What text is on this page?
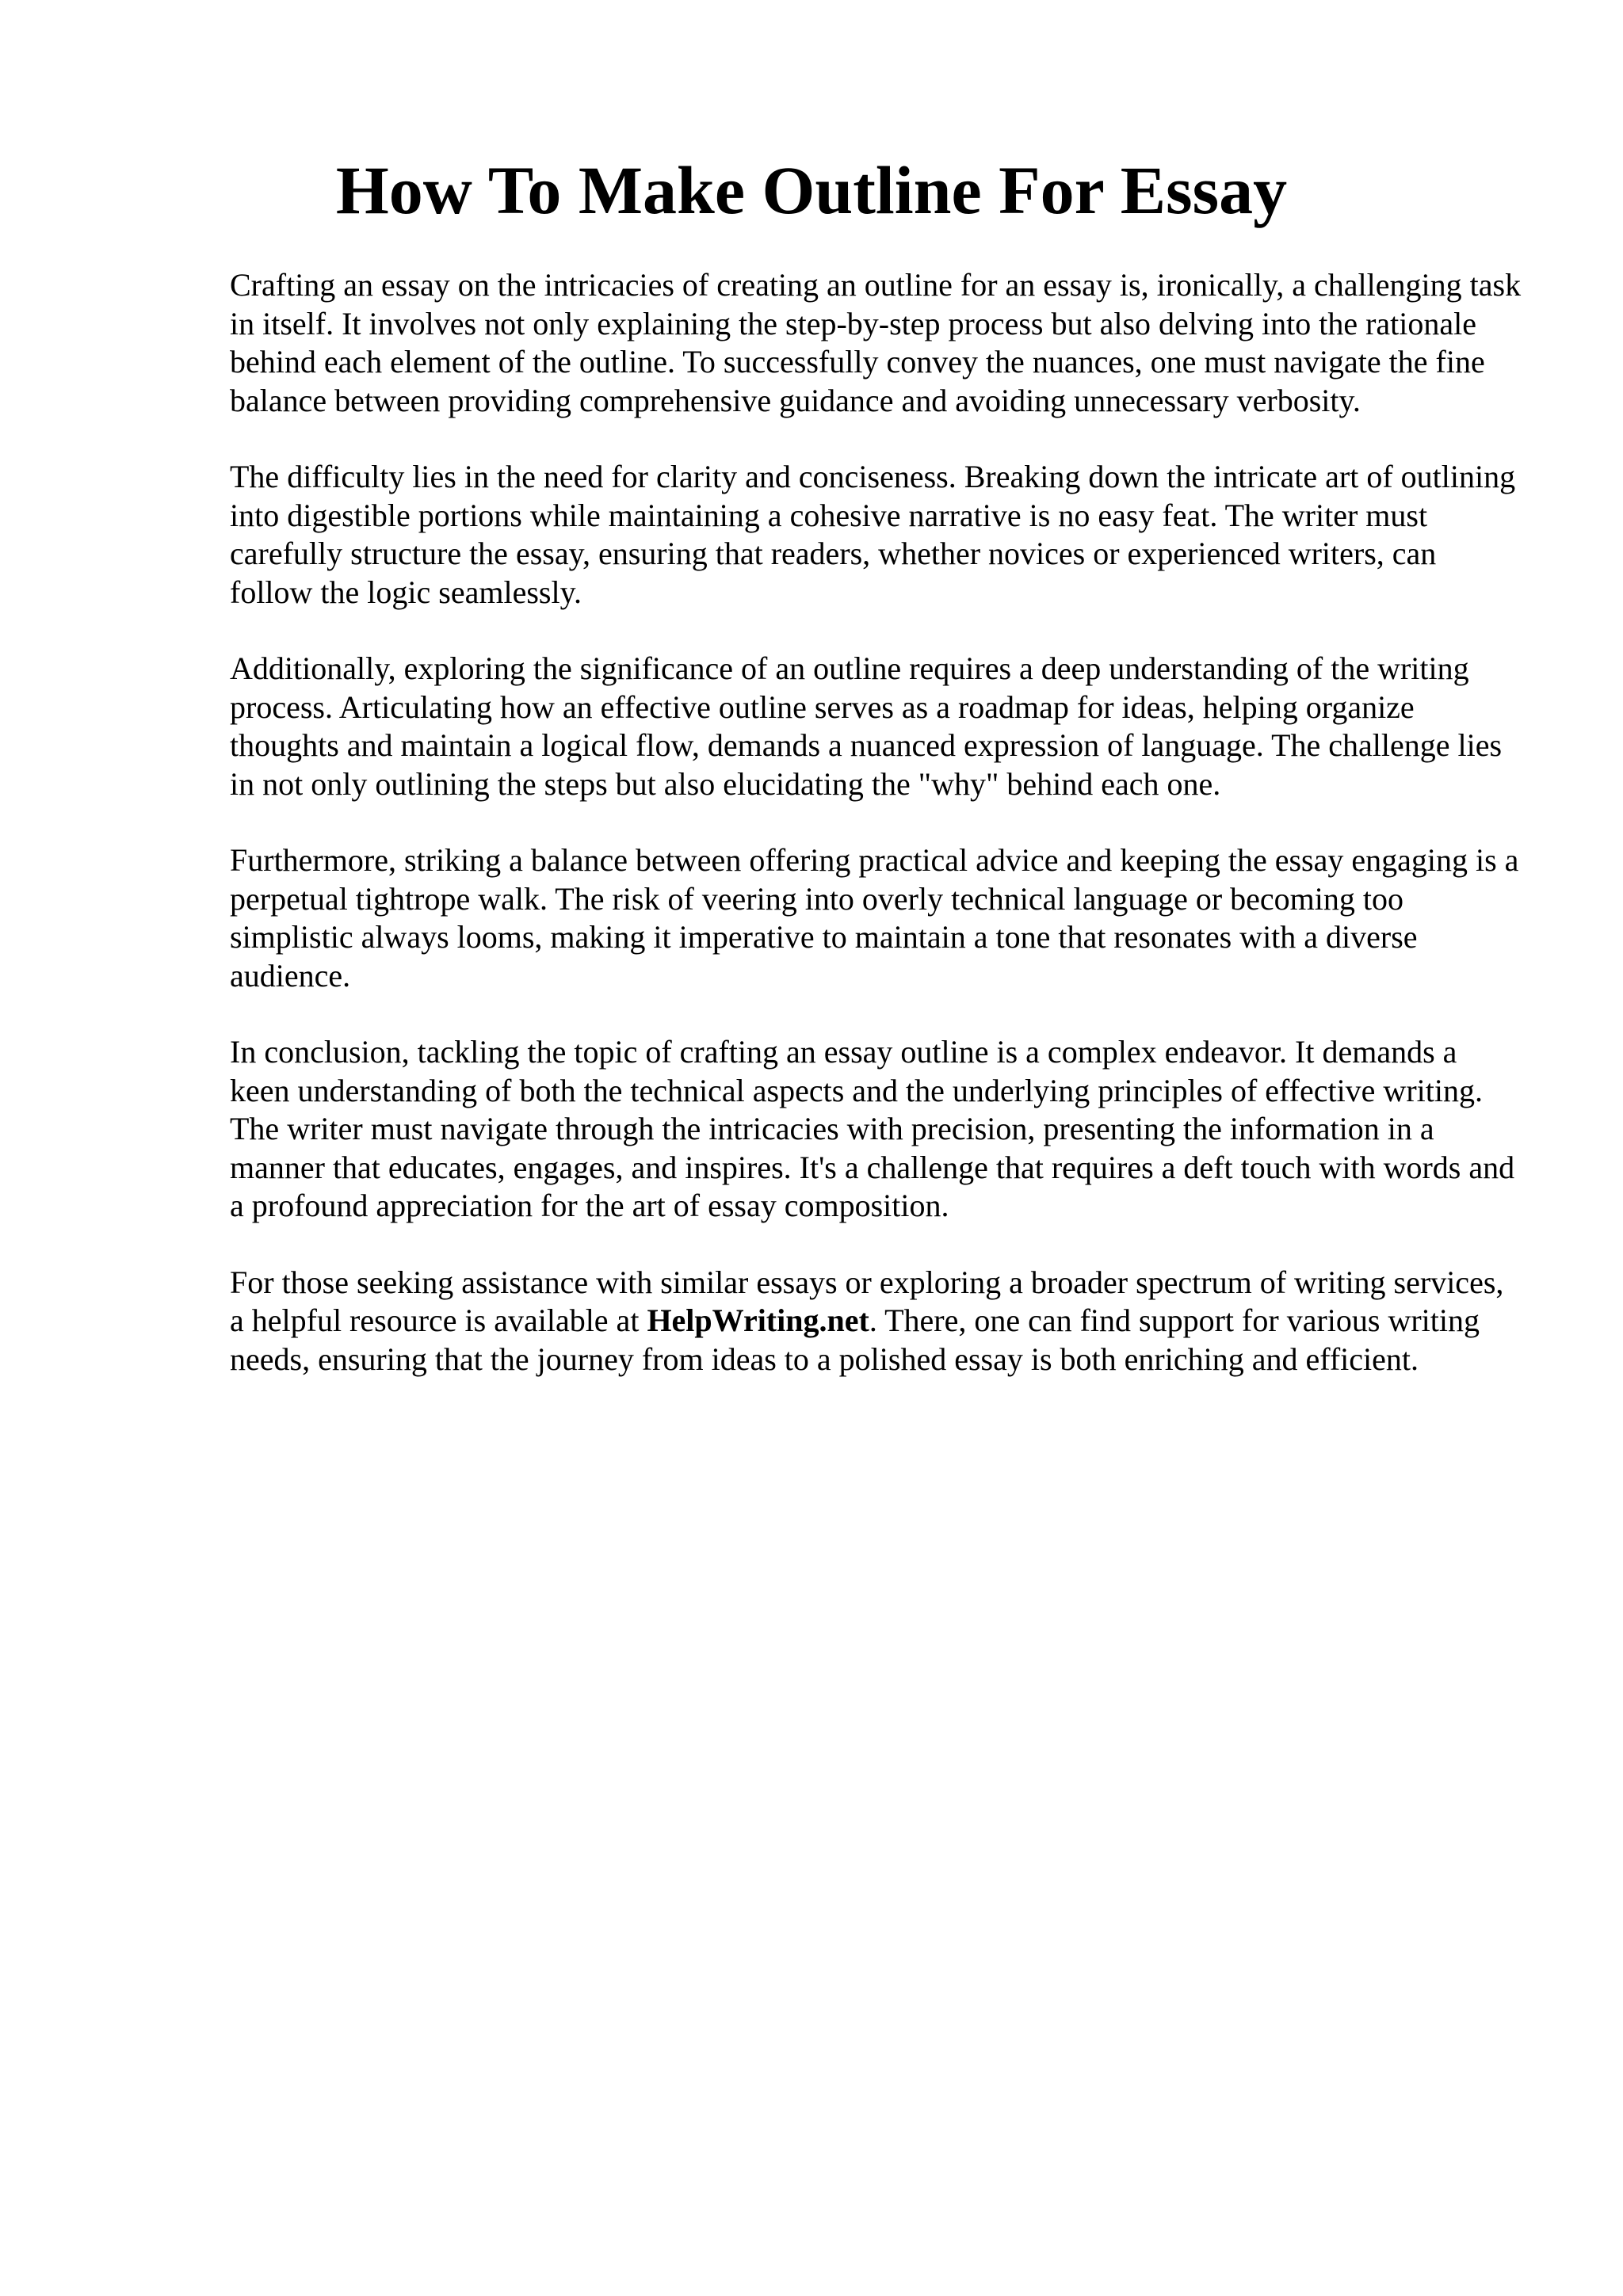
How To Make Outline For Essay

Crafting an essay on the intricacies of creating an outline for an essay is, ironically, a challenging task in itself. It involves not only explaining the step-by-step process but also delving into the rationale behind each element of the outline. To successfully convey the nuances, one must navigate the fine balance between providing comprehensive guidance and avoiding unnecessary verbosity.

The difficulty lies in the need for clarity and conciseness. Breaking down the intricate art of outlining into digestible portions while maintaining a cohesive narrative is no easy feat. The writer must carefully structure the essay, ensuring that readers, whether novices or experienced writers, can follow the logic seamlessly.

Additionally, exploring the significance of an outline requires a deep understanding of the writing process. Articulating how an effective outline serves as a roadmap for ideas, helping organize thoughts and maintain a logical flow, demands a nuanced expression of language. The challenge lies in not only outlining the steps but also elucidating the "why" behind each one.

Furthermore, striking a balance between offering practical advice and keeping the essay engaging is a perpetual tightrope walk. The risk of veering into overly technical language or becoming too simplistic always looms, making it imperative to maintain a tone that resonates with a diverse audience.

In conclusion, tackling the topic of crafting an essay outline is a complex endeavor. It demands a keen understanding of both the technical aspects and the underlying principles of effective writing. The writer must navigate through the intricacies with precision, presenting the information in a manner that educates, engages, and inspires. It's a challenge that requires a deft touch with words and a profound appreciation for the art of essay composition.

For those seeking assistance with similar essays or exploring a broader spectrum of writing services, a helpful resource is available at HelpWriting.net. There, one can find support for various writing needs, ensuring that the journey from ideas to a polished essay is both enriching and efficient.
